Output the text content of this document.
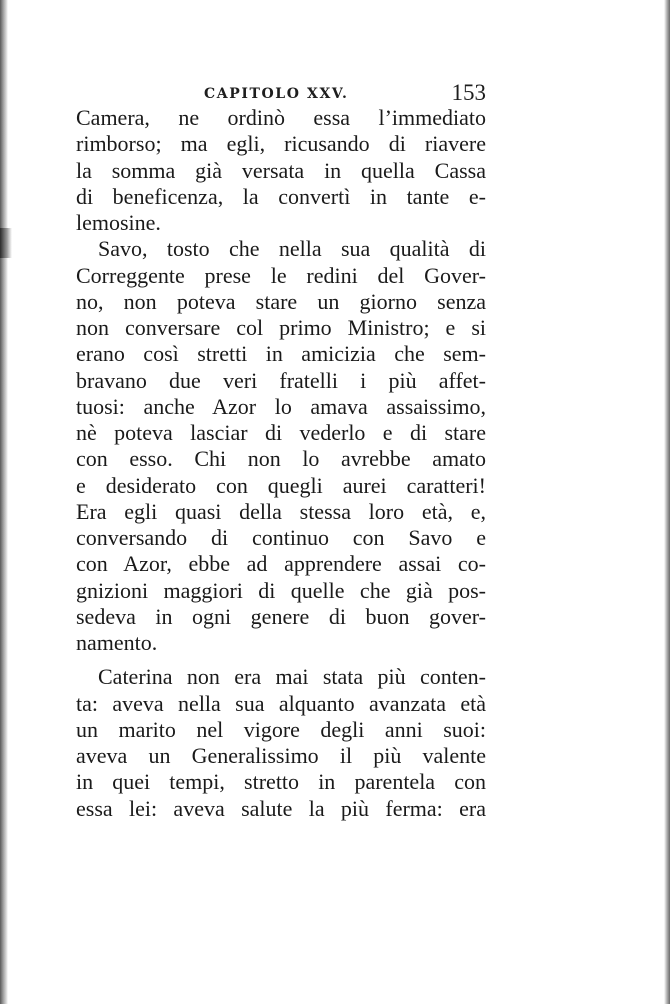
CAPITOLO XXV.	153
Camera, ne ordinò essa l’immediato
rimborso; ma egli, ricusando di riavere
la somma già versata in quella Cassa
di beneficenza, la convertì in tante e-
lemosine.
Savo, tosto che nella sua qualità di
Correggente prese le redini del Gover-
no, non poteva stare un giorno senza
non conversare col primo Ministro; e si
erano così stretti in amicizia che sem-
bravano due veri fratelli i più affet-
tuosi: anche Azor lo amava assaissimo,
nè poteva lasciar di vederlo e di stare
con esso. Chi non lo avrebbe amato
e desiderato con quegli aurei caratteri!
Era egli quasi della stessa loro età, e,
conversando di continuo con Savo e
con Azor, ebbe ad apprendere assai co-
gnizioni maggiori di quelle che già pos-
sedeva in ogni genere di buon gover-
namento.
Caterina non era mai stata più conten-
ta: aveva nella sua alquanto avanzata età
un marito nel vigore degli anni suoi:
aveva un Generalissimo il più valente
in quei tempi, stretto in parentela con
essa lei: aveva salute la più ferma: era
